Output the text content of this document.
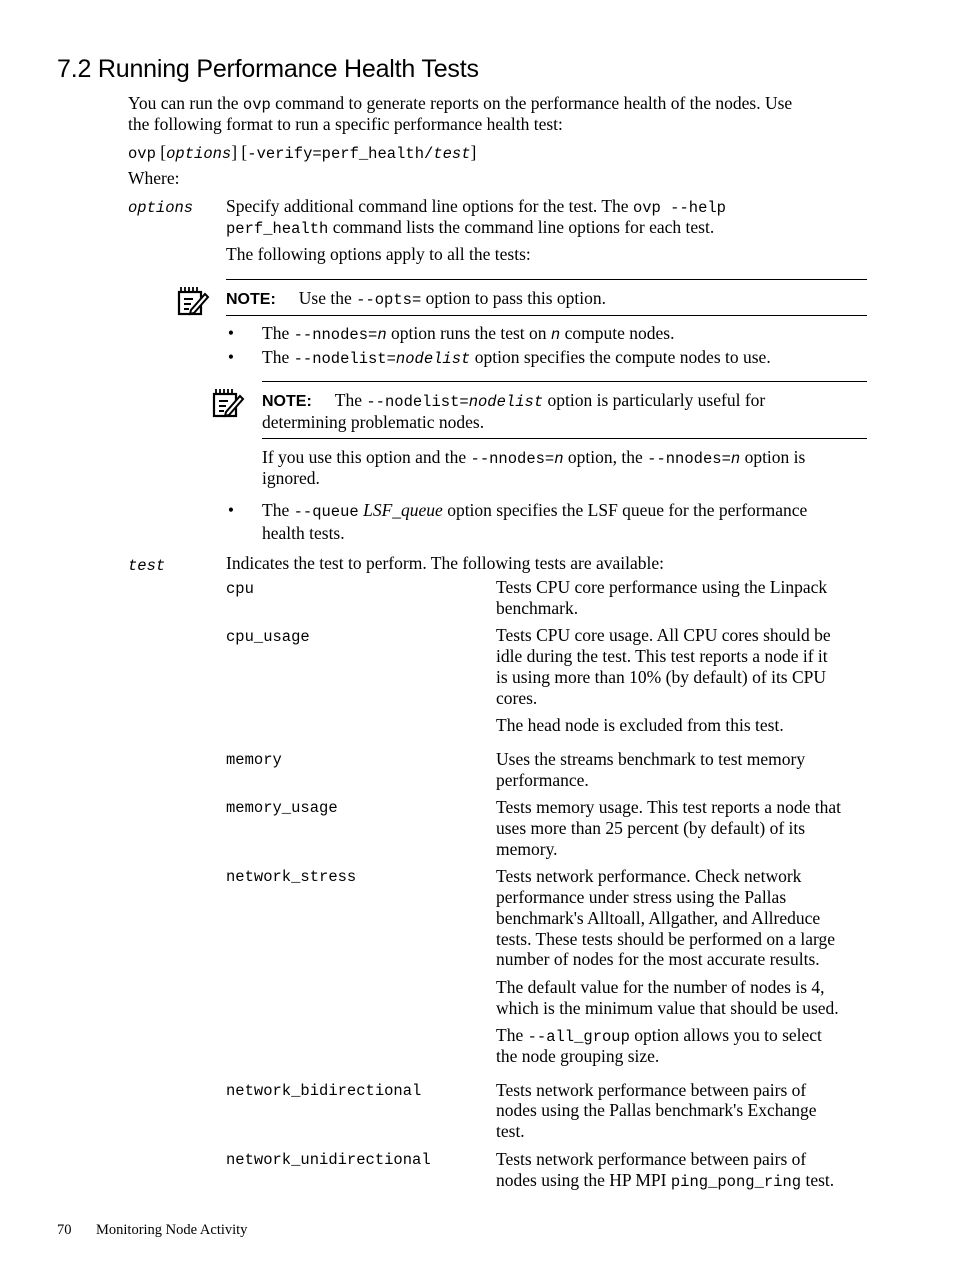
7.2 Running Performance Health Tests
You can run the ovp command to generate reports on the performance health of the nodes. Use
the following format to run a specific performance health test:
ovp [options] [-verify=perf_health/test]
Where:
options Specify additional command line options for the test. The ovp --help
perf_health command lists the command line options for each test.
The following options apply to all the tests:
NOTE: Use the --opts= option to pass this option.
• The --nnodes=n option runs the test on n compute nodes.
• The --nodelist=nodelist option specifies the compute nodes to use.
NOTE: The --nodelist=nodelist option is particularly useful for
determining problematic nodes.
If you use this option and the --nnodes=n option, the --nnodes=n option is
ignored.
• The --queue LSF_queue option specifies the LSF queue for the performance
health tests.
test	Indicates the test to perform. The following tests are available:
cpu	Tests CPU core performance using the Linpack
benchmark.
cpu_usage	Tests CPU core usage. All CPU cores should be
idle during the test. This test reports a node if it
is using more than 10% (by default) of its CPU
cores.
The head node is excluded from this test.
memory	Uses the streams benchmark to test memory
performance.
memory_usage	Tests memory usage. This test reports a node that
uses more than 25 percent (by default) of its
memory.
network_stress	Tests network performance. Check network
performance under stress using the Pallas
benchmark's Alltoall, Allgather, and Allreduce
tests. These tests should be performed on a large
number of nodes for the most accurate results.
The default value for the number of nodes is 4,
which is the minimum value that should be used.
The --all_group option allows you to select
the node grouping size.
network_bidirectional	Tests network performance between pairs of
nodes using the Pallas benchmark's Exchange
test.
network_unidirectional	Tests network performance between pairs of
nodes using the HP MPI ping_pong_ring test.
70 Monitoring Node Activity
